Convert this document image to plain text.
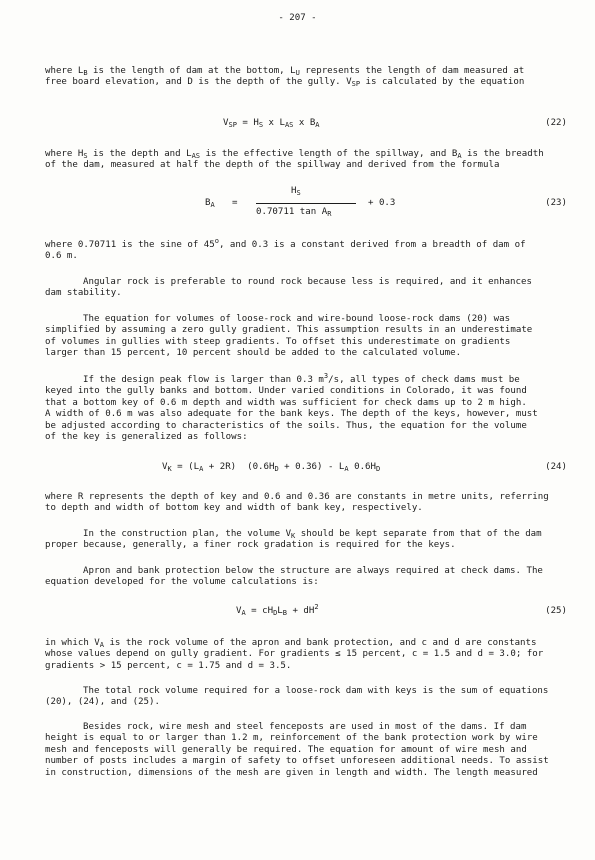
- 207 -

where $L_B$ is the length of dam at the bottom, $L_U$ represents the length of dam measured at
free board elevation, and D is the depth of the gully. $V_{SP}$ is calculated by the equation

$V_{SP} = H_S$ x $L_{AS}$ x $B_A$	(22)

where $H_S$ is the depth and $L_{AS}$ is the effective length of the spillway, and $B_A$ is the breadth
of the dam, measured at half the depth of the spillway and derived from the formula

$B_A$ =
$H_S$
0.70711 $\tan A_R$
+ 0.3	(23)

where 0.70711 is the sine of 45$^o$, and 0.3 is a constant derived from a breadth of dam of
0.6 m.

Angular rock is preferable to round rock because less is required, and it enhances
dam stability.

The equation for volumes of loose-rock and wire-bound loose-rock dams (20) was
simplified by assuming a zero gully gradient. This assumption results in an underestimate
of volumes in gullies with steep gradients. To offset this underestimate on gradients
larger than 15 percent, 10 percent should be added to the calculated volume.

If the design peak flow is larger than 0.3 $m^3/s$, all types of check dams must be
keyed into the gully banks and bottom. Under varied conditions in Colorado, it was found
that a bottom key of 0.6 m depth and width was sufficient for check dams up to 2 m high.
A width of 0.6 m was also adequate for the bank keys. The depth of the keys, however, must
be adjusted according to characteristics of the soils. Thus, the equation for the volume
of the key is generalized as follows:

$V_K = (L_A + 2R) (0.6H_D + 0.36) - L_A$ $0.6H_D$	(24)

where R represents the depth of key and 0.6 and 0.36 are constants in metre units, referring
to depth and width of bottom key and width of bank key, respectively.

In the construction plan, the volume $V_K$ should be kept separate from that of the dam
proper because, generally, a finer rock gradation is required for the keys.

Apron and bank protection below the structure are always required at check dams. The
equation developed for the volume calculations is:

$V_A = cH_DL_B + dH^2$	(25)

in which $V_A$ is the rock volume of the apron and bank protection, and c and d are constants
whose values depend on gully gradient. For gradients ≤ 15 percent, c = 1.5 and d = 3.0; for
gradients > 15 percent, c = 1.75 and d = 3.5.

The total rock volume required for a loose-rock dam with keys is the sum of equations
(20), (24), and (25).

Besides rock, wire mesh and steel fenceposts are used in most of the dams. If dam
height is equal to or larger than 1.2 m, reinforcement of the bank protection work by wire
mesh and fenceposts will generally be required. The equation for amount of wire mesh and
number of posts includes a margin of safety to offset unforeseen additional needs. To assist
in construction, dimensions of the mesh are given in length and width. The length measured
